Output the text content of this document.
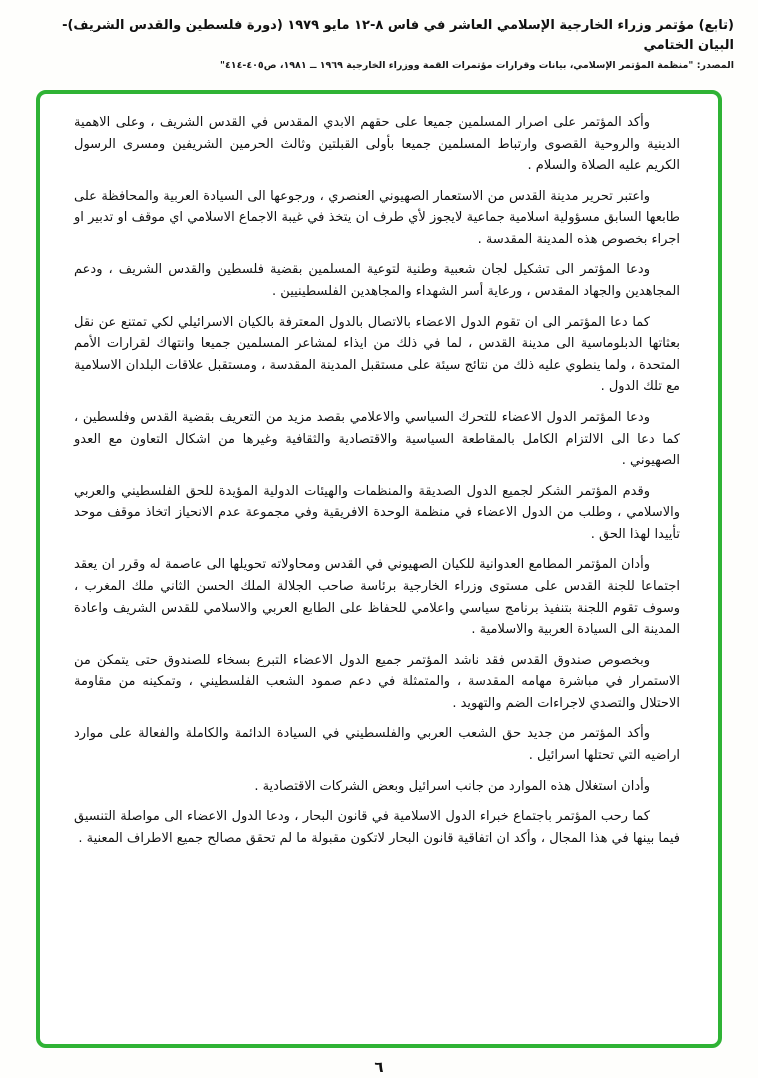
(تابع) مؤتمر وزراء الخارجية الإسلامي العاشر في فاس ٨-١٢ مايو ١٩٧٩ (دورة فلسطين والقدس الشريف)- البيان الختامي
المصدر: "منظمة المؤتمر الإسلامي، بيانات وقرارات مؤتمرات القمة ووزراء الخارجية ١٩٦٩ ــ ١٩٨١، ص٤٠٥-٤١٤"

وأكد المؤتمر على اصرار المسلمين جميعا على حقهم الابدي المقدس في القدس الشريف ، وعلى الاهمية الدينية والروحية القصوى وارتباط المسلمين جميعا بأولى القبلتين وثالث الحرمين الشريفين ومسرى الرسول الكريم عليه الصلاة والسلام .

واعتبر تحرير مدينة القدس من الاستعمار الصهيوني العنصري ، ورجوعها الى السيادة العربية والمحافظة على طابعها السابق مسؤولية اسلامية جماعية لايجوز لأي طرف ان يتخذ في غيبة الاجماع الاسلامي اي موقف او تدبير او اجراء بخصوص هذه المدينة المقدسة .

ودعا المؤتمر الى تشكيل لجان شعبية وطنية لتوعية المسلمين بقضية فلسطين والقدس الشريف ، ودعم المجاهدين والجهاد المقدس ، ورعاية أسر الشهداء والمجاهدين الفلسطينيين .

كما دعا المؤتمر الى ان تقوم الدول الاعضاء بالاتصال بالدول المعترفة بالكيان الاسرائيلي لكي تمتنع عن نقل بعثاتها الدبلوماسية الى مدينة القدس ، لما في ذلك من ايذاء لمشاعر المسلمين جميعا وانتهاك لقرارات الأمم المتحدة ، ولما ينطوي عليه ذلك من نتائج سيئة على مستقبل المدينة المقدسة ، ومستقبل علاقات البلدان الاسلامية مع تلك الدول .

ودعا المؤتمر الدول الاعضاء للتحرك السياسي والاعلامي بقصد مزيد من التعريف بقضية القدس وفلسطين ، كما دعا الى الالتزام الكامل بالمقاطعة السياسية والاقتصادية والثقافية وغيرها من اشكال التعاون مع العدو الصهيوني .

وقدم المؤتمر الشكر لجميع الدول الصديقة والمنظمات والهيئات الدولية المؤيدة للحق الفلسطيني والعربي والاسلامي ، وطلب من الدول الاعضاء في منظمة الوحدة الافريقية وفي مجموعة عدم الانحياز اتخاذ موقف موحد تأييدا لهذا الحق .

وأدان المؤتمر المطامع العدوانية للكيان الصهيوني في القدس ومحاولاته تحويلها الى عاصمة له وقرر ان يعقد اجتماعا للجنة القدس على مستوى وزراء الخارجية برئاسة صاحب الجلالة الملك الحسن الثاني ملك المغرب ، وسوف تقوم اللجنة بتنفيذ برنامج سياسي واعلامي للحفاظ على الطابع العربي والاسلامي للقدس الشريف واعادة المدينة الى السيادة العربية والاسلامية .

وبخصوص صندوق القدس فقد ناشد المؤتمر جميع الدول الاعضاء التبرع بسخاء للصندوق حتى يتمكن من الاستمرار في مباشرة مهامه المقدسة ، والمتمثلة في دعم صمود الشعب الفلسطيني ، وتمكينه من مقاومة الاحتلال والتصدي لاجراءات الضم والتهويد .

وأكد المؤتمر من جديد حق الشعب العربي والفلسطيني في السيادة الدائمة والكاملة والفعالة على موارد اراضيه التي تحتلها اسرائيل .

وأدان استغلال هذه الموارد من جانب اسرائيل وبعض الشركات الاقتصادية .

كما رحب المؤتمر باجتماع خبراء الدول الاسلامية في قانون البحار ، ودعا الدول الاعضاء الى مواصلة التنسيق فيما بينها في هذا المجال ، وأكد ان اتفاقية قانون البحار لاتكون مقبولة ما لم تحقق مصالح جميع الاطراف المعنية .

٦
